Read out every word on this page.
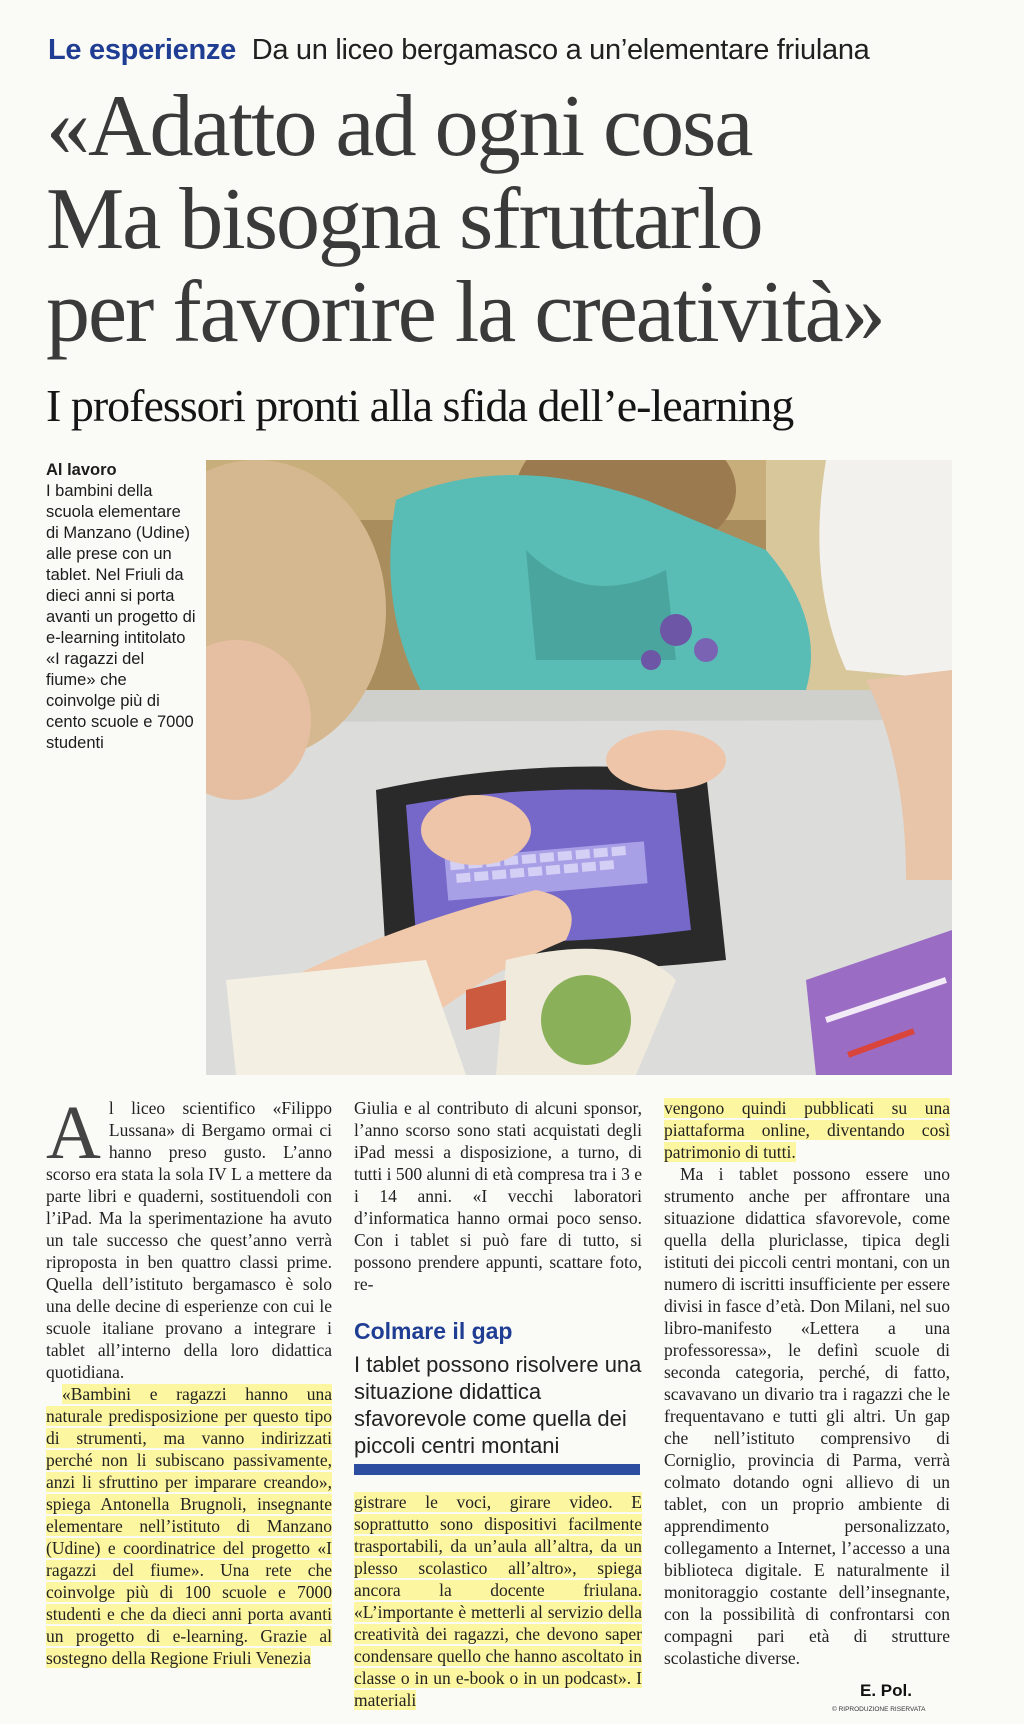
Le esperienze Da un liceo bergamasco a un’elementare friulana
«Adatto ad ogni cosa
Ma bisogna sfruttarlo
per favorire la creatività»
I professori pronti alla sfida dell’e-learning
Al lavoro
I bambini della scuola elementare di Manzano (Udine) alle prese con un tablet. Nel Friuli da dieci anni si porta avanti un progetto di e-learning intitolato «I ragazzi del fiume» che coinvolge più di cento scuole e 7000 studenti

Al liceo scientifico «Filippo Lussana» di Bergamo ormai ci hanno preso gusto. L’anno scorso era stata la sola IV L a mettere da parte libri e quaderni, sostituendoli con l’iPad. Ma la sperimentazione ha avuto un tale successo che quest’anno verrà riproposta in ben quattro classi prime. Quella dell’istituto bergamasco è solo una delle decine di esperienze con cui le scuole italiane provano a integrare i tablet all’interno della loro didattica quotidiana.

«Bambini e ragazzi hanno una naturale predisposizione per questo tipo di strumenti, ma vanno indirizzati perché non li subiscano passivamente, anzi li sfruttino per imparare creando», spiega Antonella Brugnoli, insegnante elementare nell’istituto di Manzano (Udine) e coordinatrice del progetto «I ragazzi del fiume». Una rete che coinvolge più di 100 scuole e 7000 studenti e che da dieci anni porta avanti un progetto di e-learning. Grazie al sostegno della Regione Friuli Venezia

Giulia e al contributo di alcuni sponsor, l’anno scorso sono stati acquistati degli iPad messi a disposizione, a turno, di tutti i 500 alunni di età compresa tra i 3 e i 14 anni. «I vecchi laboratori d’informatica hanno ormai poco senso. Con i tablet si può fare di tutto, si possono prendere appunti, scattare foto, re-

Colmare il gap
I tablet possono risolvere una situazione didattica sfavorevole come quella dei piccoli centri montani

gistrare le voci, girare video. E soprattutto sono dispositivi facilmente trasportabili, da un’aula all’altra, da un plesso scolastico all’altro», spiega ancora la docente friulana. «L’importante è metterli al servizio della creatività dei ragazzi, che devono saper condensare quello che hanno ascoltato in classe o in un e-book o in un podcast». I materiali

vengono quindi pubblicati su una piattaforma online, diventando così patrimonio di tutti.

Ma i tablet possono essere uno strumento anche per affrontare una situazione didattica sfavorevole, come quella della pluriclasse, tipica degli istituti dei piccoli centri montani, con un numero di iscritti insufficiente per essere divisi in fasce d’età. Don Milani, nel suo libro-manifesto «Lettera a una professoressa», le definì scuole di seconda categoria, perché, di fatto, scavavano un divario tra i ragazzi che le frequentavano e tutti gli altri. Un gap che nell’istituto comprensivo di Corniglio, provincia di Parma, verrà colmato dotando ogni allievo di un tablet, con un proprio ambiente di apprendimento personalizzato, collegamento a Internet, l’accesso a una biblioteca digitale. E naturalmente il monitoraggio costante dell’insegnante, con la possibilità di confrontarsi con compagni pari età di strutture scolastiche diverse.

E. Pol.
© RIPRODUZIONE RISERVATA
